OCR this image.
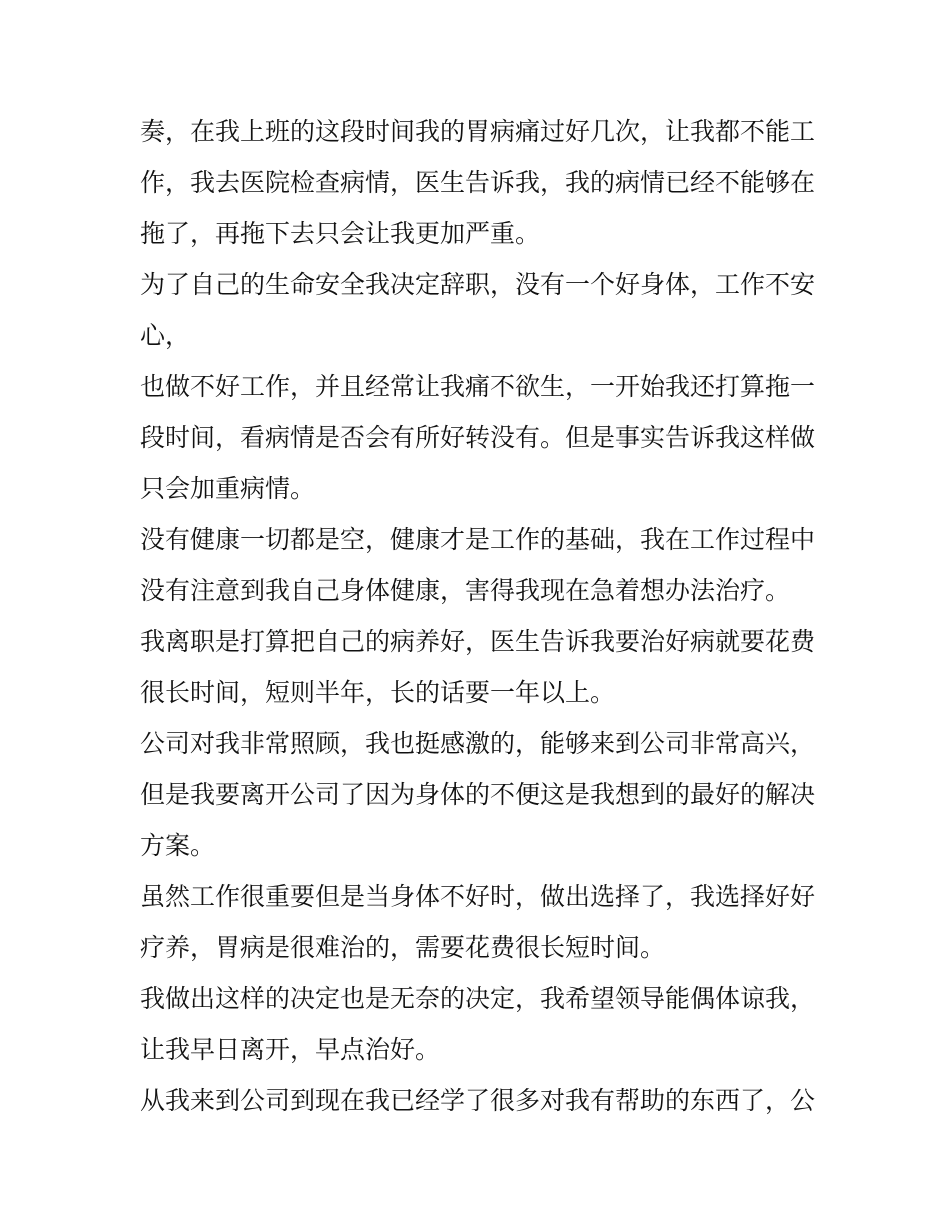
奏，在我上班的这段时间我的胃病痛过好几次，让我都不能工
作，我去医院检查病情，医生告诉我，我的病情已经不能够在
拖了，再拖下去只会让我更加严重。
为了自己的生命安全我决定辞职，没有一个好身体，工作不安
心，
也做不好工作，并且经常让我痛不欲生，一开始我还打算拖一
段时间，看病情是否会有所好转没有。但是事实告诉我这样做
只会加重病情。
没有健康一切都是空，健康才是工作的基础，我在工作过程中
没有注意到我自己身体健康，害得我现在急着想办法治疗。
我离职是打算把自己的病养好，医生告诉我要治好病就要花费
很长时间，短则半年，长的话要一年以上。
公司对我非常照顾，我也挺感激的，能够来到公司非常高兴，
但是我要离开公司了因为身体的不便这是我想到的最好的解决
方案。
虽然工作很重要但是当身体不好时，做出选择了，我选择好好
疗养，胃病是很难治的，需要花费很长短时间。
我做出这样的决定也是无奈的决定，我希望领导能偶体谅我，
让我早日离开，早点治好。
从我来到公司到现在我已经学了很多对我有帮助的东西了，公
